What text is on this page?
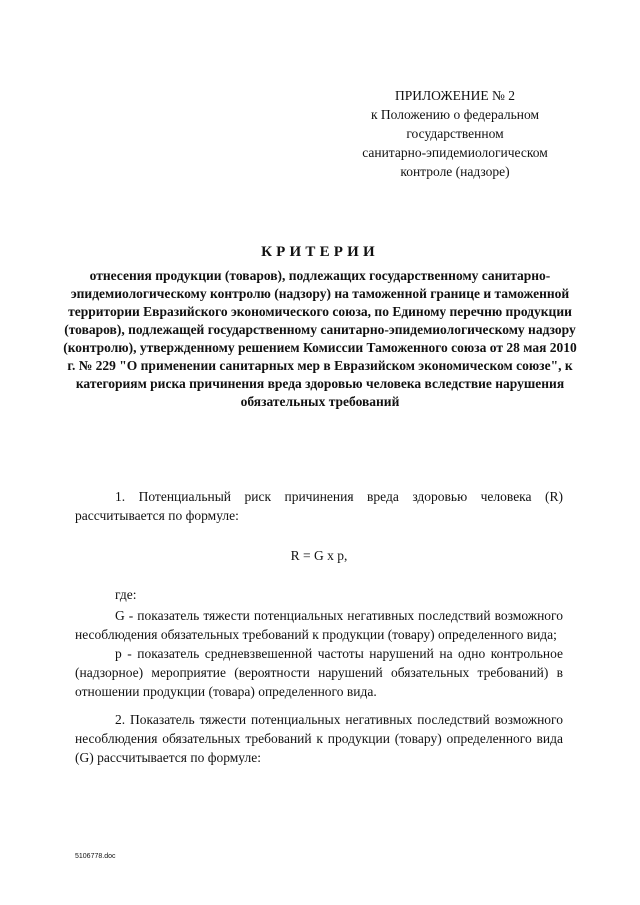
ПРИЛОЖЕНИЕ № 2
к Положению о федеральном
государственном
санитарно-эпидемиологическом
контроле (надзоре)
КРИТЕРИИ
отнесения продукции (товаров), подлежащих государственному санитарно-эпидемиологическому контролю (надзору) на таможенной границе и таможенной территории Евразийского экономического союза, по Единому перечню продукции (товаров), подлежащей государственному санитарно-эпидемиологическому надзору (контролю), утвержденному решением Комиссии Таможенного союза от 28 мая 2010 г. № 229 "О применении санитарных мер в Евразийском экономическом союзе", к категориям риска причинения вреда здоровью человека вследствие нарушения обязательных требований

1. Потенциальный риск причинения вреда здоровью человека (R) рассчитывается по формуле:

R = G x p,

где:

G - показатель тяжести потенциальных негативных последствий возможного несоблюдения обязательных требований к продукции (товару) определенного вида;

p - показатель средневзвешенной частоты нарушений на одно контрольное (надзорное) мероприятие (вероятности нарушений обязательных требований) в отношении продукции (товара) определенного вида.

2. Показатель тяжести потенциальных негативных последствий возможного несоблюдения обязательных требований к продукции (товару) определенного вида (G) рассчитывается по формуле:

5106778.doc
